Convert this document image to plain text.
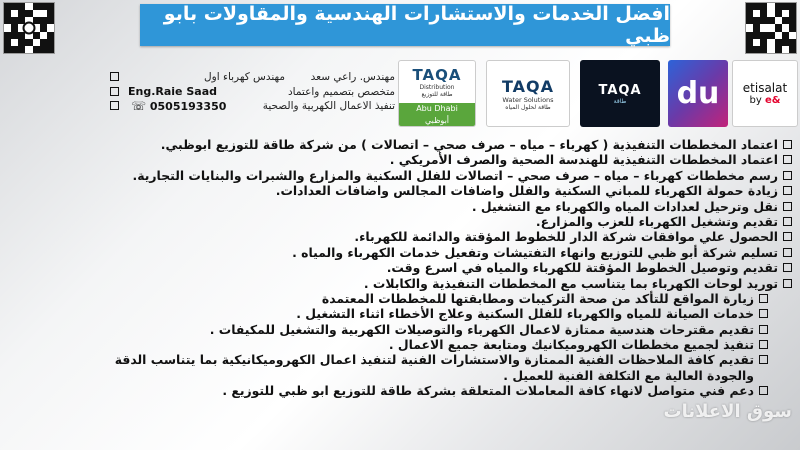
افضل الخدمات والاستشارات الهندسية والمقاولات بابو ظبي
مهندس كهرباء اول مهندس. راعي سعد
Eng.Raie Saad	متخصص بتصميم واعتماد
☏ 0505193350	تنفيذ الاعمال الكهربية والصحية
TAQA
Distribution
طاقة للتوزيع
Abu Dhabi
أبوظبي
TAQA
Water Solutions
طاقة لحلول المياه
TAQA
طاقة du etisalat
by e&
اعتماد المخططات التنفيذية ( كهرباء – مياه – صرف صحي – اتصالات ) من شركة طاقة للتوزيع ابوظبي.
اعتماد المخططات التنفيذية للهندسة الصحية والصرف الأمريكي .
رسم مخططات كهرباء – مياه – صرف صحي – اتصالات للفلل السكنية والمزارع والشبرات والبنايات التجارية.
زيادة حمولة الكهرباء للمباني السكنية والفلل واضافات المجالس واضافات العدادات.
نقل وترحيل لعدادات المياه والكهرباء مع التشغيل .
تقديم وتشغيل الكهرباء للعزب والمزارع.
الحصول علي موافقات شركة الدار للخطوط المؤقتة والدائمة للكهرباء.
تسليم شركة أبو ظبي للتوزيع وانهاء التفتيشات وتفعيل خدمات الكهرباء والمياه .
تقديم وتوصيل الخطوط المؤقتة للكهرباء والمياه في اسرع وقت.
توريد لوحات الكهرباء بما يتناسب مع المخططات التنفيذية والكابلات .
زيارة المواقع للتأكد من صحة التركيبات ومطابقتها للمخططات المعتمدة
خدمات الصيانة للمياه والكهرباء للفلل السكنية وعلاج الأخطاء اثناء التشغيل .
تقديم مقترحات هندسية ممتازة لاعمال الكهرباء والتوصيلات الكهربية والتشغيل للمكيفات .
تنفيذ لجميع مخططات الكهروميكانيك ومتابعة جميع الاعمال .
تقديم كافة الملاحظات الفنية الممتازة والاستشارات الفنية لتنفيذ اعمال الكهروميكانيكية بما يتناسب الدقة
والجودة العالية مع التكلفة الفنية للعميل .
دعم فني متواصل لانهاء كافة المعاملات المتعلقة بشركة طاقة للتوزيع ابو ظبي للتوزيع .
سوق الاعلانات
